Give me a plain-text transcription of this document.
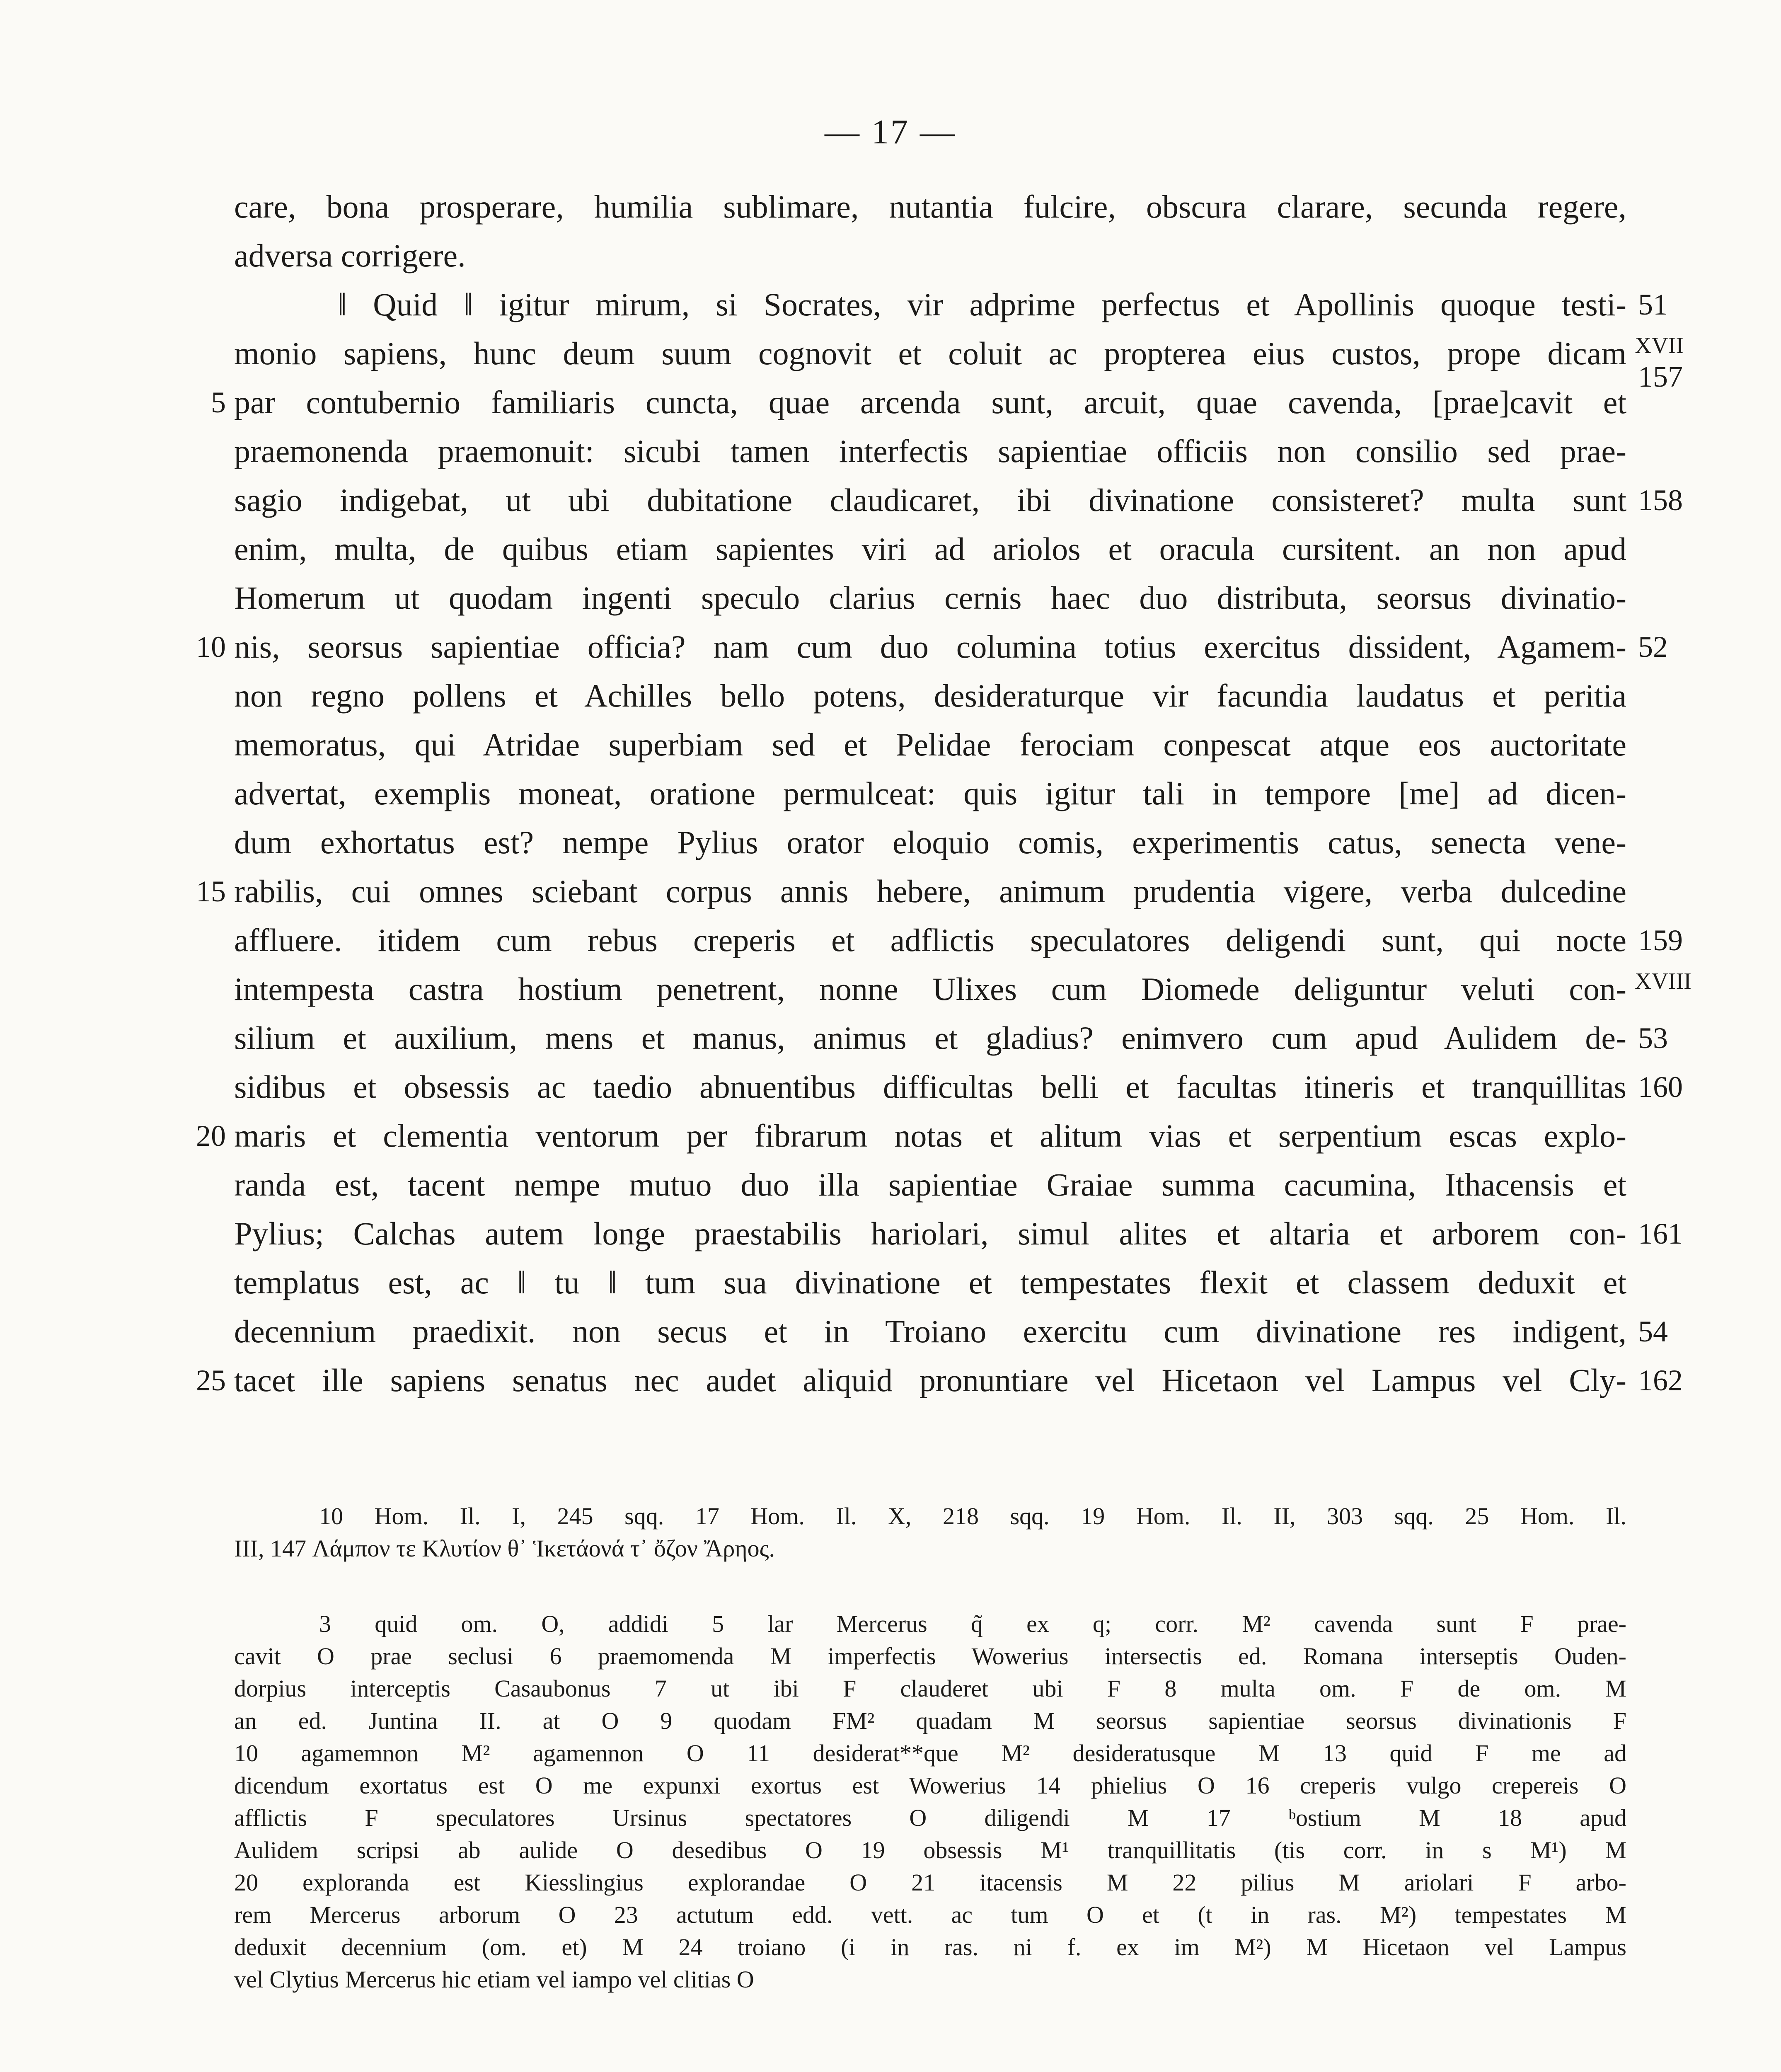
— 17 —
care, bona prosperare, humilia sublimare, nutantia fulcire, obscura clarare, secunda regere,
adversa corrigere.
‖ Quid ‖ igitur mirum, si Socrates, vir adprime perfectus et Apollinis quoque testi- 51
monio sapiens, hunc deum suum cognovit et coluit ac propterea eius custos, prope dicam XVII
157
par contubernio familiaris cuncta, quae arcenda sunt, arcuit, quae cavenda, [prae]cavit et
5
praemonenda praemonuit: sicubi tamen interfectis sapientiae officiis non consilio sed prae-
sagio indigebat, ut ubi dubitatione claudicaret, ibi divinatione consisteret? multa sunt 158
enim, multa, de quibus etiam sapientes viri ad ariolos et oracula cursitent. an non apud
Homerum ut quodam ingenti speculo clarius cernis haec duo distributa, seorsus divinatio-
nis, seorsus sapientiae officia? nam cum duo columina totius exercitus dissident, Agamem-
10	52
non regno pollens et Achilles bello potens, desideraturque vir facundia laudatus et peritia
memoratus, qui Atridae superbiam sed et Pelidae ferociam conpescat atque eos auctoritate
advertat, exemplis moneat, oratione permulceat: quis igitur tali in tempore [me] ad dicen-
dum exhortatus est? nempe Pylius orator eloquio comis, experimentis catus, senecta vene-
rabilis, cui omnes sciebant corpus annis hebere, animum prudentia vigere, verba dulcedine
15
affluere. itidem cum rebus creperis et adflictis speculatores deligendi sunt, qui nocte 159
intempesta castra hostium penetrent, nonne Ulixes cum Diomede deliguntur veluti con- XVIII
silium et auxilium, mens et manus, animus et gladius? enimvero cum apud Aulidem de- 53
sidibus et obsessis ac taedio abnuentibus difficultas belli et facultas itineris et tranquillitas 160
maris et clementia ventorum per fibrarum notas et alitum vias et serpentium escas explo-
20
randa est, tacent nempe mutuo duo illa sapientiae Graiae summa cacumina, Ithacensis et
Pylius; Calchas autem longe praestabilis hariolari, simul alites et altaria et arborem con- 161
templatus est, ac ‖ tu ‖ tum sua divinatione et tempestates flexit et classem deduxit et
decennium praedixit. non secus et in Troiano exercitu cum divinatione res indigent, 54
tacet ille sapiens senatus nec audet aliquid pronuntiare vel Hicetaon vel Lampus vel Cly-
25	162
10 Hom. Il. I, 245 sqq. 17 Hom. Il. X, 218 sqq. 19 Hom. Il. II, 303 sqq. 25 Hom. Il.
III, 147 Λάμπον τε Κλυτίον θ᾽ Ἱκετάονά τ᾽ ὄζον Ἄρηος.
3 quid om. O, addidi 5 lar Mercerus q̃ ex q; corr. M² cavenda sunt F prae-
cavit O prae seclusi 6 praemomenda M imperfectis Wowerius intersectis ed. Romana interseptis Ouden-
dorpius interceptis Casaubonus 7 ut ibi F clauderet ubi F 8 multa om. F de om. M
an ed. Juntina II. at O 9 quodam FM² quadam M seorsus sapientiae seorsus divinationis F
10 agamemnon M² agamennon O 11 desiderat**que M² desideratusque M 13 quid F me ad
dicendum exortatus est O me expunxi exortus est Wowerius 14 phielius O 16 creperis vulgo crepereis O
afflictis F speculatores Ursinus spectatores O diligendi M 17 ᵇostium M 18 apud
Aulidem scripsi ab aulide O desedibus O 19 obsessis M¹ tranquillitatis (tis corr. in s M¹) M
20 exploranda est Kiesslingius explorandae O 21 itacensis M 22 pilius M ariolari F arbo-
rem Mercerus arborum O 23 actutum edd. vett. ac tum O et (t in ras. M²) tempestates M
deduxit decennium (om. et) M 24 troiano (i in ras. ni f. ex im M²) M Hicetaon vel Lampus
vel Clytius Mercerus hic etiam vel iampo vel clitias O
